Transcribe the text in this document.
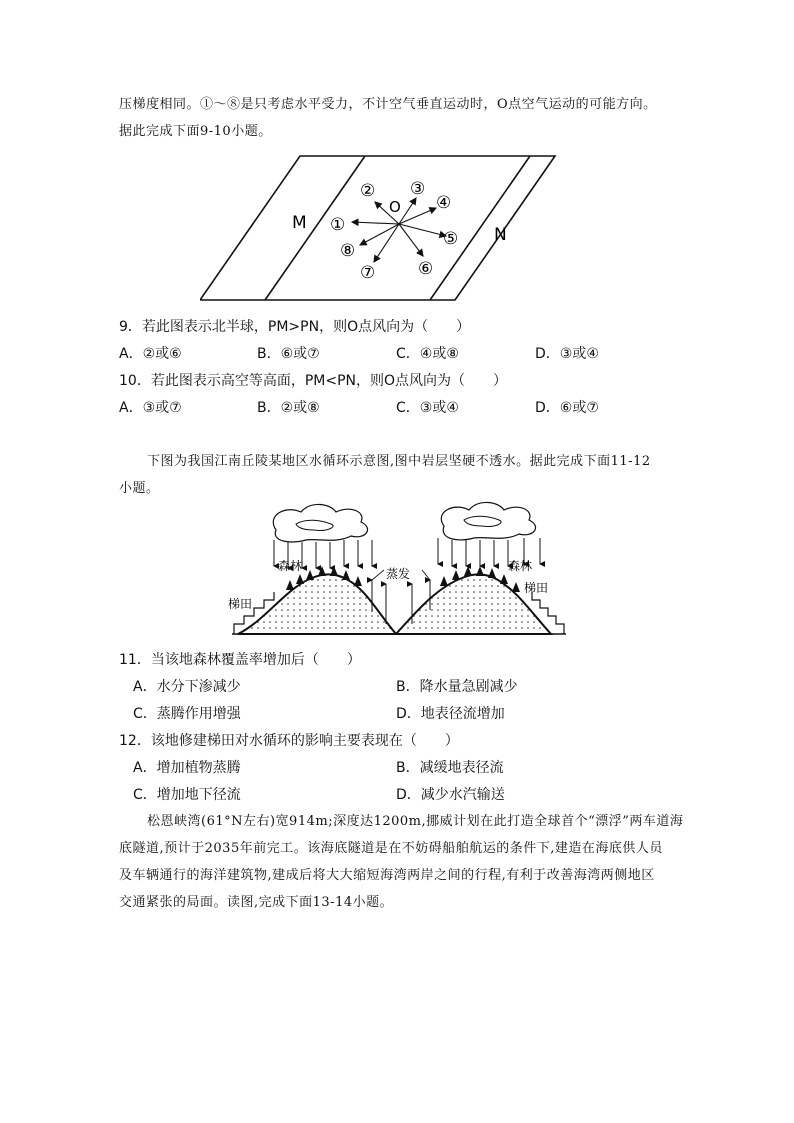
压梯度相同。①～⑧是只考虑水平受力，不计空气垂直运动时，O点空气运动的可能方向。
据此完成下面9-10小题。
M
N
O
①
② ③
④
⑤
⑥
⑦
⑧
9．若此图表示北半球，PM>PN，则O点风向为（　　）
A．②或⑥	B．⑥或⑦	C．④或⑧	D．③或④
10．若此图表示高空等高面，PM<PN，则O点风向为（　　）
A．③或⑦	B．②或⑧	C．③或④	D．⑥或⑦
下图为我国江南丘陵某地区水循环示意图,图中岩层坚硬不透水。据此完成下面11-12
小题。
森林	森林
梯田
梯田
蒸发
11．当该地森林覆盖率增加后（　　）
A．水分下渗减少	B．降水量急剧减少
C．蒸腾作用增强	D．地表径流增加
12．该地修建梯田对水循环的影响主要表现在（　　）
A．增加植物蒸腾	B．减缓地表径流
C．增加地下径流	D．减少水汽输送
松恩峡湾(61°N左右)宽914m;深度达1200m,挪威计划在此打造全球首个“漂浮”两车道海
底隧道,预计于2035年前完工。该海底隧道是在不妨碍船舶航运的条件下,建造在海底供人员
及车辆通行的海洋建筑物,建成后将大大缩短海湾两岸之间的行程,有利于改善海湾两侧地区
交通紧张的局面。读图,完成下面13-14小题。
